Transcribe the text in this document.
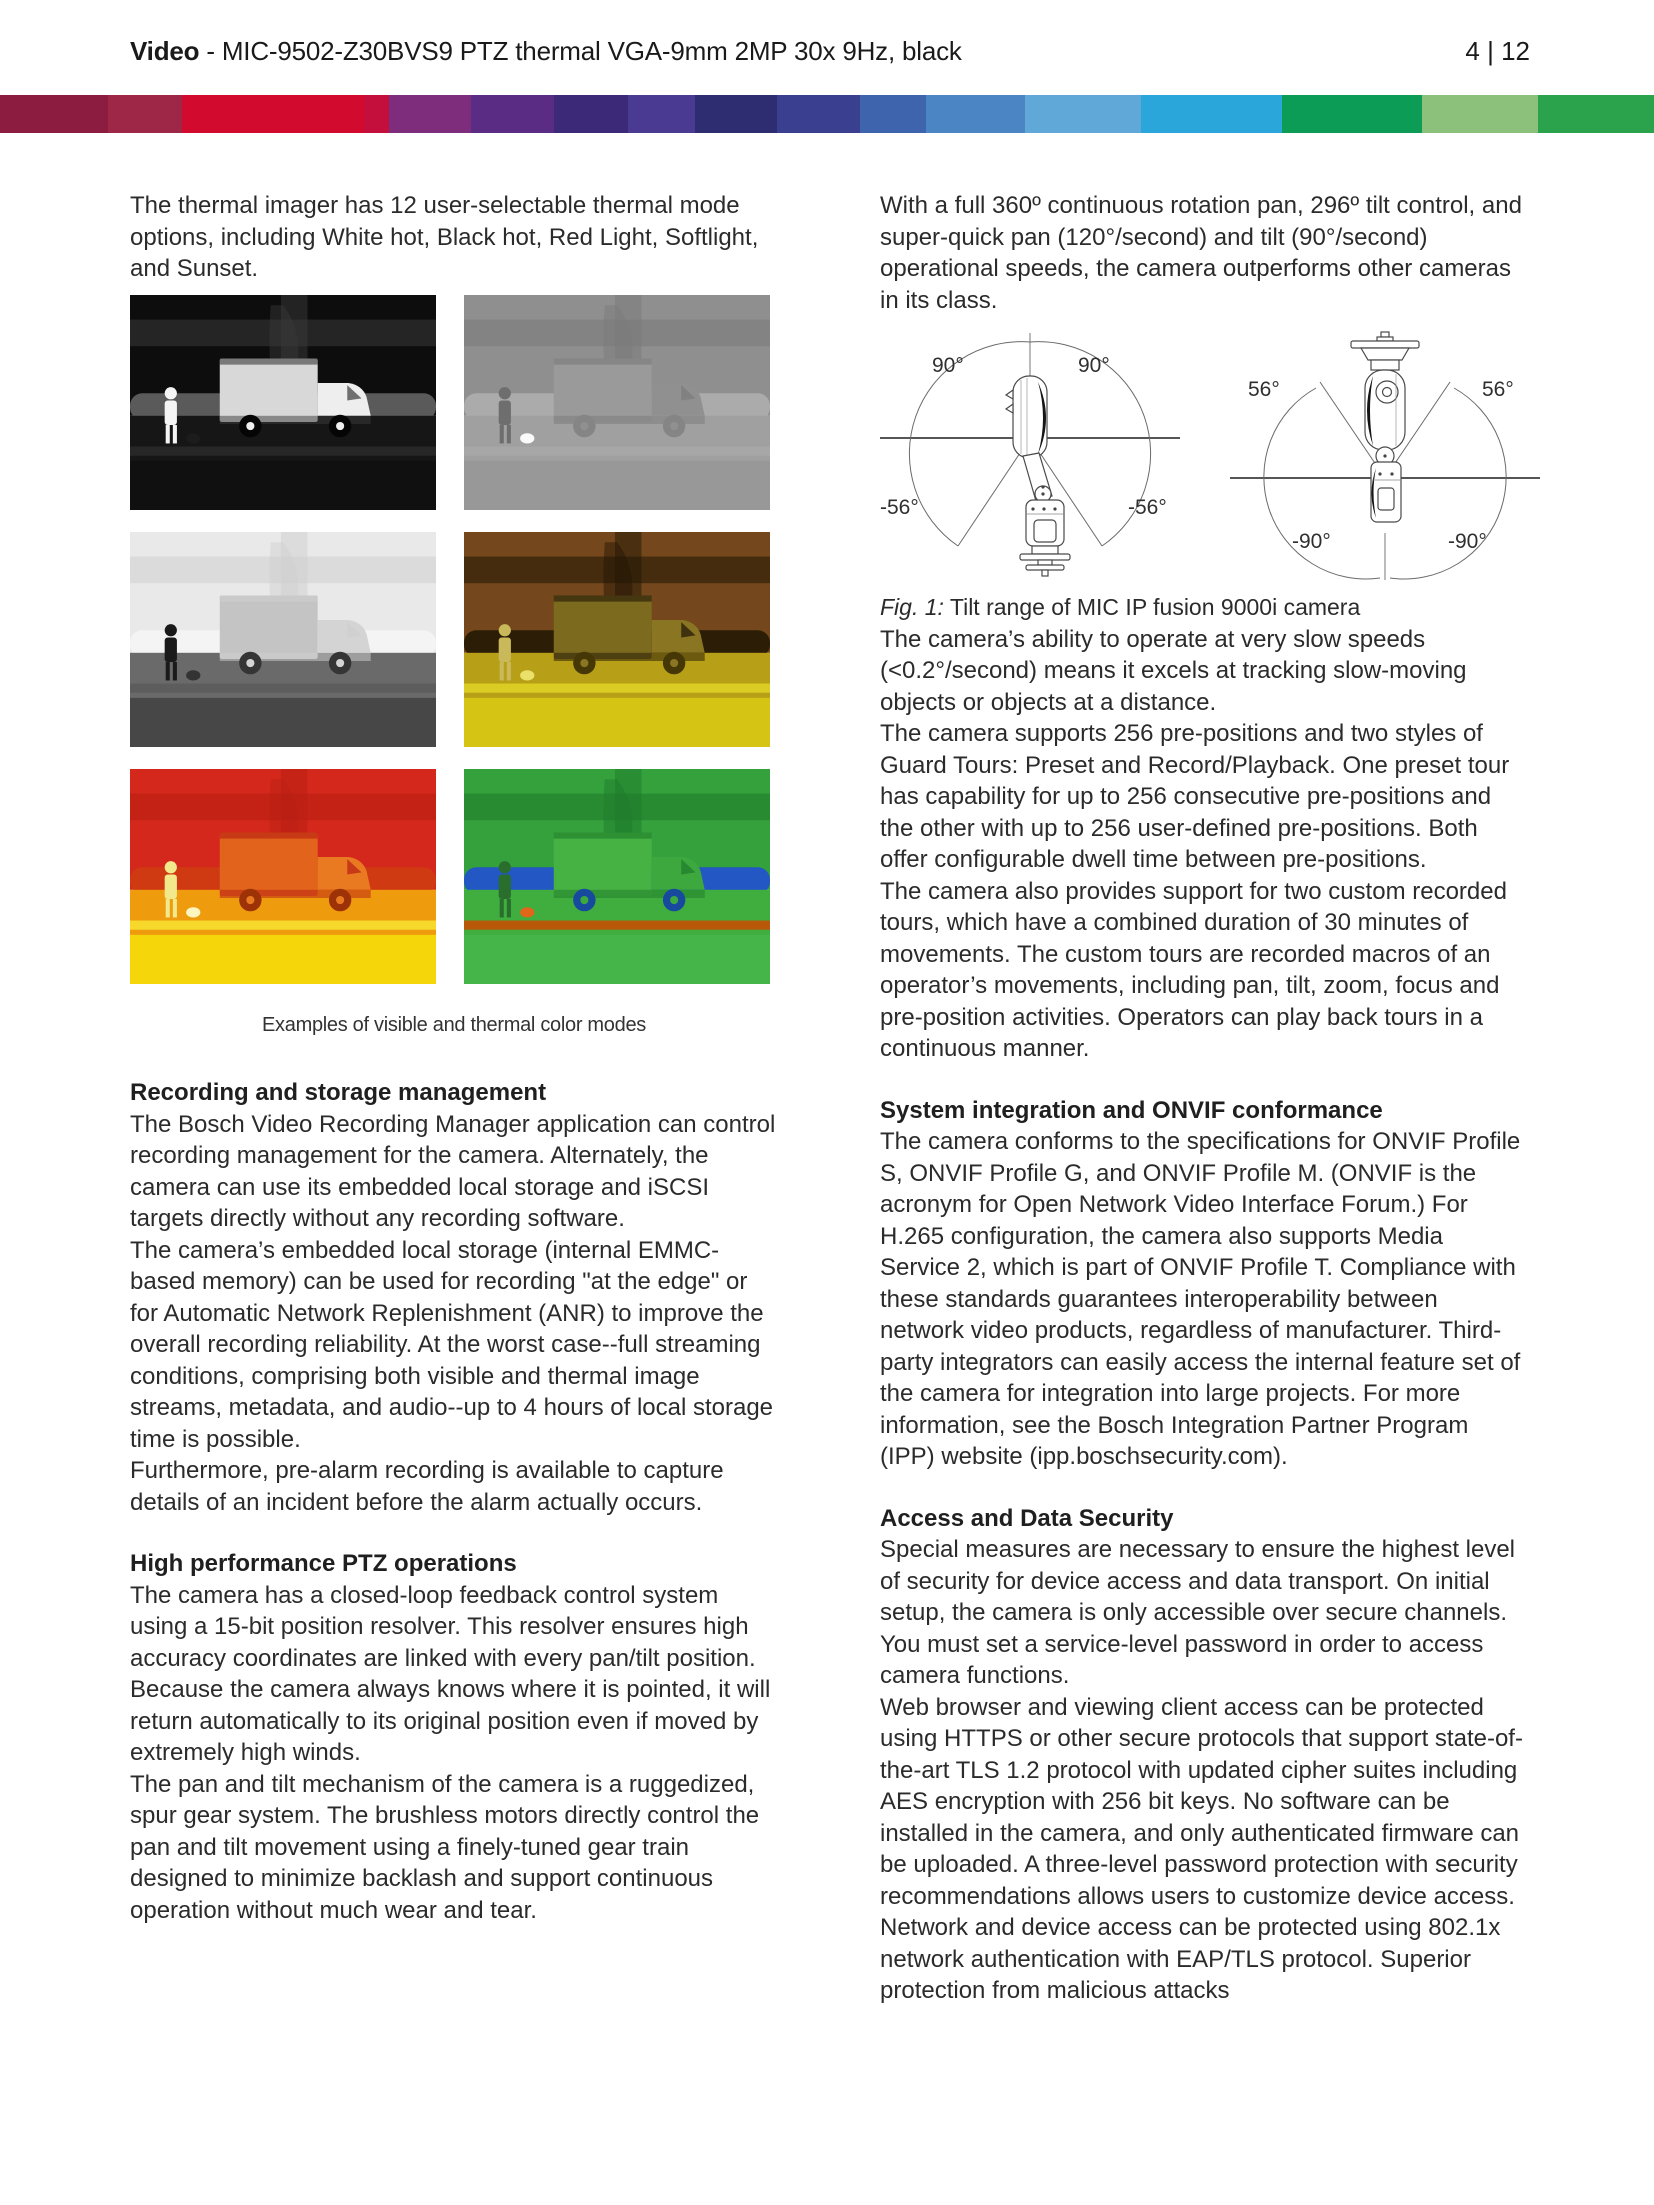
Video - MIC-9502-Z30BVS9 PTZ thermal VGA-9mm 2MP 30x 9Hz, black	4 | 12

The thermal imager has 12 user-selectable thermal mode options, including White hot, Black hot, Red Light, Softlight, and Sunset.

Examples of visible and thermal color modes
Recording and storage management
The Bosch Video Recording Manager application can control recording management for the camera. Alternately, the camera can use its embedded local storage and iSCSI targets directly without any recording software.
The camera’s embedded local storage (internal EMMC-based memory) can be used for recording "at the edge" or for Automatic Network Replenishment (ANR) to improve the overall recording reliability. At the worst case--full streaming conditions, comprising both visible and thermal image streams, metadata, and audio--up to 4 hours of local storage time is possible.
Furthermore, pre-alarm recording is available to capture details of an incident before the alarm actually occurs.
High performance PTZ operations
The camera has a closed-loop feedback control system using a 15-bit position resolver. This resolver ensures high accuracy coordinates are linked with every pan/tilt position. Because the camera always knows where it is pointed, it will return automatically to its original position even if moved by extremely high winds.
The pan and tilt mechanism of the camera is a ruggedized, spur gear system. The brushless motors directly control the pan and tilt movement using a finely-tuned gear train designed to minimize backlash and support continuous operation without much wear and tear.

With a full 360º continuous rotation pan, 296º tilt control, and super-quick pan (120°/second) and tilt (90°/second) operational speeds, the camera outperforms other cameras in its class.

90°	90°
-56°	-56°
56°	56°
-90°	-90°

Fig. 1: Tilt range of MIC IP fusion 9000i camera

The camera’s ability to operate at very slow speeds (<0.2°/second) means it excels at tracking slow-moving objects or objects at a distance.
The camera supports 256 pre-positions and two styles of Guard Tours: Preset and Record/Playback. One preset tour has capability for up to 256 consecutive pre-positions and the other with up to 256 user-defined pre-positions. Both offer configurable dwell time between pre-positions.
The camera also provides support for two custom recorded tours, which have a combined duration of 30 minutes of movements. The custom tours are recorded macros of an operator’s movements, including pan, tilt, zoom, focus and pre-position activities. Operators can play back tours in a continuous manner.
System integration and ONVIF conformance
The camera conforms to the specifications for ONVIF Profile S, ONVIF Profile G, and ONVIF Profile M. (ONVIF is the acronym for Open Network Video Interface Forum.) For H.265 configuration, the camera also supports Media Service 2, which is part of ONVIF Profile T. Compliance with these standards guarantees interoperability between network video products, regardless of manufacturer. Third-party integrators can easily access the internal feature set of the camera for integration into large projects. For more information, see the Bosch Integration Partner Program (IPP) website (ipp.boschsecurity.com).
Access and Data Security
Special measures are necessary to ensure the highest level of security for device access and data transport. On initial setup, the camera is only accessible over secure channels. You must set a service-level password in order to access camera functions.
Web browser and viewing client access can be protected using HTTPS or other secure protocols that support state-of-the-art TLS 1.2 protocol with updated cipher suites including AES encryption with 256 bit keys. No software can be installed in the camera, and only authenticated firmware can be uploaded. A three-level password protection with security recommendations allows users to customize device access. Network and device access can be protected using 802.1x network authentication with EAP/TLS protocol. Superior protection from malicious attacks
